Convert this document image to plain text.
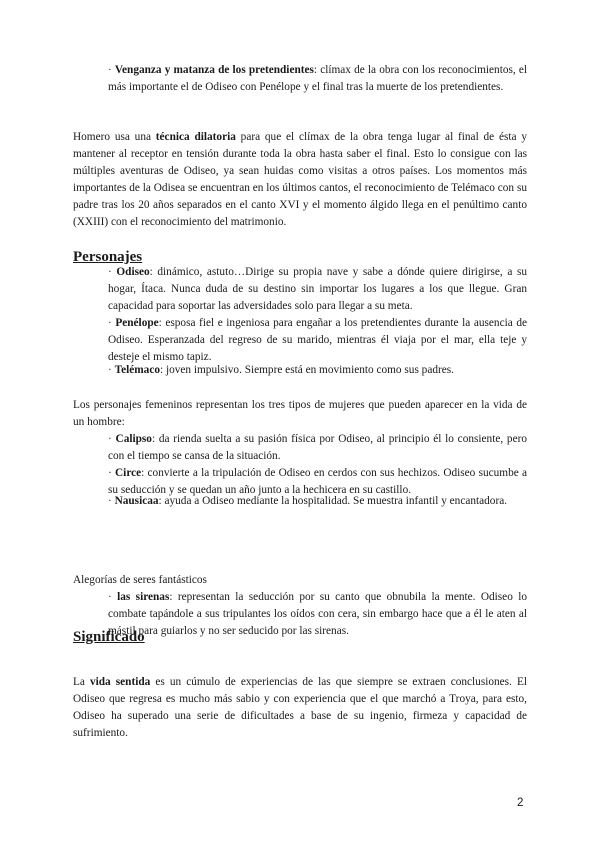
· Venganza y matanza de los pretendientes: clímax de la obra con los reconocimientos, el más importante el de Odiseo con Penélope y el final tras la muerte de los pretendientes.

Homero usa una técnica dilatoria para que el clímax de la obra tenga lugar al final de ésta y mantener al receptor en tensión durante toda la obra hasta saber el final. Esto lo consigue con las múltiples aventuras de Odiseo, ya sean huidas como visitas a otros países. Los momentos más importantes de la Odisea se encuentran en los últimos cantos, el reconocimiento de Telémaco con su padre tras los 20 años separados en el canto XVI y el momento álgido llega en el penúltimo canto (XXIII) con el reconocimiento del matrimonio.

Personajes

· Odiseo: dinámico, astuto…Dirige su propia nave y sabe a dónde quiere dirigirse, a su hogar, Ítaca. Nunca duda de su destino sin importar los lugares a los que llegue. Gran capacidad para soportar las adversidades solo para llegar a su meta.

· Penélope: esposa fiel e ingeniosa para engañar a los pretendientes durante la ausencia de Odiseo. Esperanzada del regreso de su marido, mientras él viaja por el mar, ella teje y desteje el mismo tapiz.

· Telémaco: joven impulsivo. Siempre está en movimiento como sus padres.

Los personajes femeninos representan los tres tipos de mujeres que pueden aparecer en la vida de un hombre:

· Calipso: da rienda suelta a su pasión física por Odiseo, al principio él lo consiente, pero con el tiempo se cansa de la situación.

· Circe: convierte a la tripulación de Odiseo en cerdos con sus hechizos. Odiseo sucumbe a su seducción y se quedan un año junto a la hechicera en su castillo.

· Nausicaa: ayuda a Odiseo mediante la hospitalidad. Se muestra infantil y encantadora.

Alegorías de seres fantásticos

· las sirenas: representan la seducción por su canto que obnubila la mente. Odiseo lo combate tapándole a sus tripulantes los oídos con cera, sin embargo hace que a él le aten al mástil para guiarlos y no ser seducido por las sirenas.

Significado

La vida sentida es un cúmulo de experiencias de las que siempre se extraen conclusiones. El Odiseo que regresa es mucho más sabio y con experiencia que el que marchó a Troya, para esto, Odiseo ha superado una serie de dificultades a base de su ingenio, firmeza y capacidad de sufrimiento.

2
